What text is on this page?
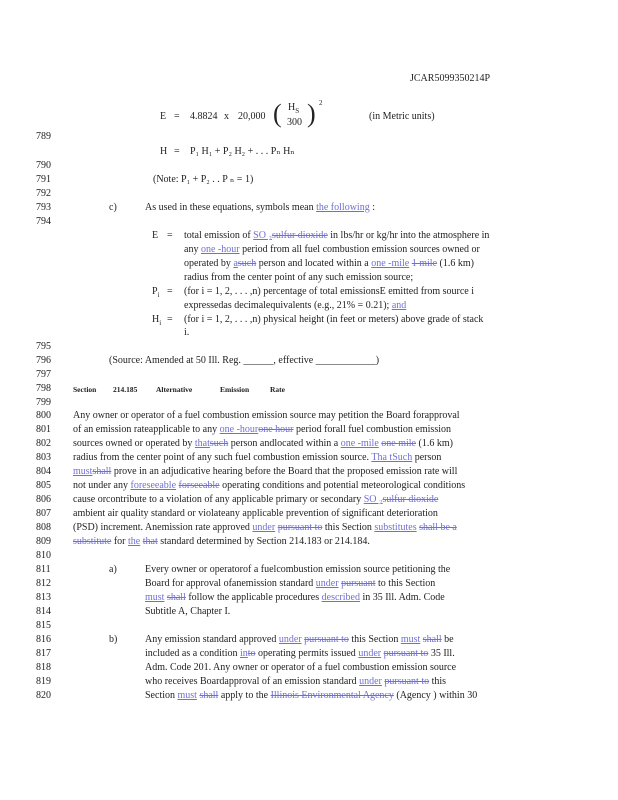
JCAR5099350214P
E = 4.8824 x 20,000 ( $H_S$
300 ) 2
(in Metric units)
789
790
791
792
793
794
795
796
797
798
799
800
801
802
803
804
805
806
807
808
809
810
811
812
813
814
815
816
817
818
819
820
H = P₁ H₁ + P₂ H₂ + . . . Pₙ Hₙ
(Note: P₁ + P₂ . . P ₙ = 1)
c)	As used in these equations, symbols mean the following :
E = total emission of SO ₂sulfur dioxide in lbs/hr or kg/hr into the atmosphere in
any one -hour period from all fuel combustion emission sources owned or
operated by asuch person and located within a one -mile 1 mile (1.6 km)
radius from the center point of any such emission source;
$P_i = (for$ i = 1, 2, . . . ,n) percentage of total emissionsE emitted from source i
expressedas decimalequivalents (e.g., 21% = 0.21); and
$H_i = (for$ i = 1, 2, . . . ,n) physical height (in feet or meters) above grade of stack
i.
(Source: Amended at 50 Ill. Reg. ______, effective ____________)
Section 214.185 Alternative	Emission	Rate
Any owner or operator of a fuel combustion emission source may petition the Board forapproval
of an emission rateapplicable to any one -hourone hour period forall fuel combustion emission
sources owned or operated by thatsuch person andlocated within a one -mile one mile (1.6 km)
radius from the center point of any such fuel combustion emission source. Tha tSuch person
mustshall prove in an adjudicative hearing before the Board that the proposed emission rate will
not under any foreseeable forseeable operating conditions and potential meteorological conditions
cause orcontribute to a violation of any applicable primary or secondary SO ₂sulfur dioxide
ambient air quality standard or violateany applicable prevention of significant deterioration
(PSD) increment. Anemission rate approved under pursuant to this Section substitutes shall be a
substitute for the that standard determined by Section 214.183 or 214.184.
a)	Every owner or operatorof a fuelcombustion emission source petitioning the
Board for approval ofanemission standard under pursuant to this Section
must shall follow the applicable procedures described in 35 Ill. Adm. Code
Subtitle A, Chapter I.
b)	Any emission standard approved under pursuant to this Section must shall be
included as a condition into operating permits issued under pursuant to 35 Ill.
Adm. Code 201. Any owner or operator of a fuel combustion emission source
who receives Boardapproval of an emission standard under pursuant to this
Section must shall apply to the Illinois Environmental Agency (Agency ) within 30
